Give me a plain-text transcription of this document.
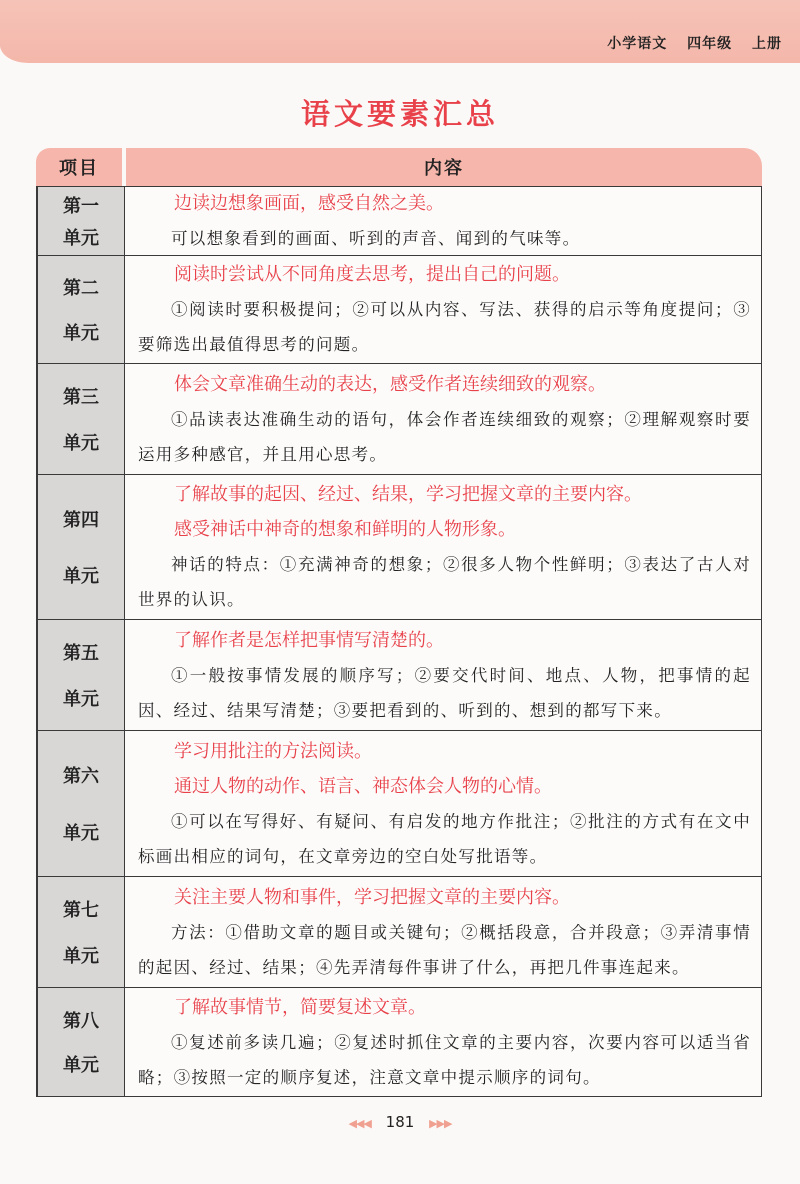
小学语文 四年级 上册
语文要素汇总
项目	内容
第一
单元
边读边想象画面，感受自然之美。
可以想象看到的画面、听到的声音、闻到的气味等。
第二
单元
阅读时尝试从不同角度去思考，提出自己的问题。
①阅读时要积极提问；②可以从内容、写法、获得的启示等角度提问；③要筛选出最值得思考的问题。
第三
单元
体会文章准确生动的表达，感受作者连续细致的观察。
①品读表达准确生动的语句，体会作者连续细致的观察；②理解观察时要运用多种感官，并且用心思考。
第四
单元
了解故事的起因、经过、结果，学习把握文章的主要内容。
感受神话中神奇的想象和鲜明的人物形象。
神话的特点：①充满神奇的想象；②很多人物个性鲜明；③表达了古人对世界的认识。
第五
单元
了解作者是怎样把事情写清楚的。
①一般按事情发展的顺序写；②要交代时间、地点、人物，把事情的起因、经过、结果写清楚；③要把看到的、听到的、想到的都写下来。
第六
单元
学习用批注的方法阅读。
通过人物的动作、语言、神态体会人物的心情。
①可以在写得好、有疑问、有启发的地方作批注；②批注的方式有在文中标画出相应的词句，在文章旁边的空白处写批语等。
第七
单元
关注主要人物和事件，学习把握文章的主要内容。
方法：①借助文章的题目或关键句；②概括段意，合并段意；③弄清事情的起因、经过、结果；④先弄清每件事讲了什么，再把几件事连起来。
第八
单元
了解故事情节，简要复述文章。
①复述前多读几遍；②复述时抓住文章的主要内容，次要内容可以适当省略；③按照一定的顺序复述，注意文章中提示顺序的词句。
◀◀◀ 181 ▶▶▶
